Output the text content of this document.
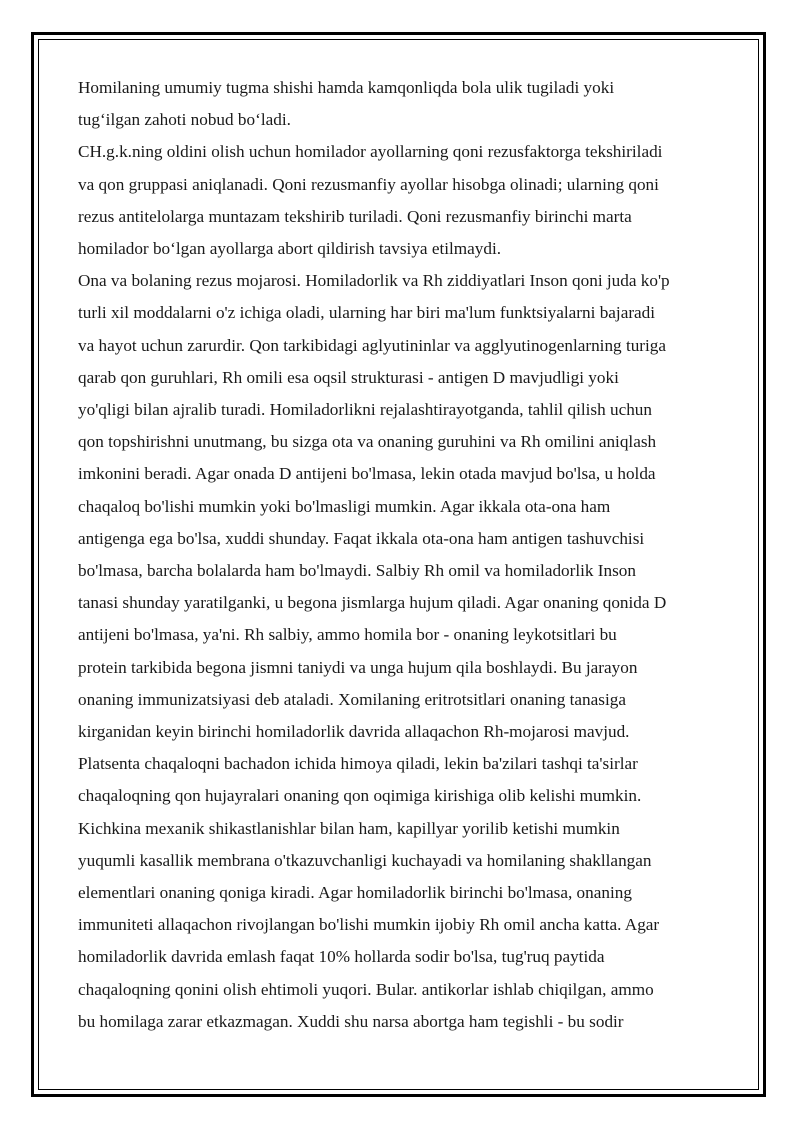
Homilaning umumiy tugma shishi hamda kamqonliqda bola ulik tugiladi yoki
tug‘ilgan zahoti nobud bo‘ladi.
CH.g.k.ning oldini olish uchun homilador ayollarning qoni rezusfaktorga tekshiriladi
va qon gruppasi aniqlanadi. Qoni rezusmanfiy ayollar hisobga olinadi; ularning qoni
rezus antitelolarga muntazam tekshirib turiladi. Qoni rezusmanfiy birinchi marta
homilador bo‘lgan ayollarga abort qildirish tavsiya etilmaydi.
Ona va bolaning rezus mojarosi. Homiladorlik va Rh ziddiyatlari Inson qoni juda ko'p
turli xil moddalarni o'z ichiga oladi, ularning har biri ma'lum funktsiyalarni bajaradi
va hayot uchun zarurdir. Qon tarkibidagi aglyutininlar va agglyutinogenlarning turiga
qarab qon guruhlari, Rh omili esa oqsil strukturasi - antigen D mavjudligi yoki
yo'qligi bilan ajralib turadi. Homiladorlikni rejalashtirayotganda, tahlil qilish uchun
qon topshirishni unutmang, bu sizga ota va onaning guruhini va Rh omilini aniqlash
imkonini beradi. Agar onada D antijeni bo'lmasa, lekin otada mavjud bo'lsa, u holda
chaqaloq bo'lishi mumkin yoki bo'lmasligi mumkin. Agar ikkala ota-ona ham
antigenga ega bo'lsa, xuddi shunday. Faqat ikkala ota-ona ham antigen tashuvchisi
bo'lmasa, barcha bolalarda ham bo'lmaydi. Salbiy Rh omil va homiladorlik Inson
tanasi shunday yaratilganki, u begona jismlarga hujum qiladi. Agar onaning qonida D
antijeni bo'lmasa, ya'ni. Rh salbiy, ammo homila bor - onaning leykotsitlari bu
protein tarkibida begona jismni taniydi va unga hujum qila boshlaydi. Bu jarayon
onaning immunizatsiyasi deb ataladi. Xomilaning eritrotsitlari onaning tanasiga
kirganidan keyin birinchi homiladorlik davrida allaqachon Rh-mojarosi mavjud.
Platsenta chaqaloqni bachadon ichida himoya qiladi, lekin ba'zilari tashqi ta'sirlar
chaqaloqning qon hujayralari onaning qon oqimiga kirishiga olib kelishi mumkin.
Kichkina mexanik shikastlanishlar bilan ham, kapillyar yorilib ketishi mumkin
yuqumli kasallik membrana o'tkazuvchanligi kuchayadi va homilaning shakllangan
elementlari onaning qoniga kiradi. Agar homiladorlik birinchi bo'lmasa, onaning
immuniteti allaqachon rivojlangan bo'lishi mumkin ijobiy Rh omil ancha katta. Agar
homiladorlik davrida emlash faqat 10% hollarda sodir bo'lsa, tug'ruq paytida
chaqaloqning qonini olish ehtimoli yuqori. Bular. antikorlar ishlab chiqilgan, ammo
bu homilaga zarar etkazmagan. Xuddi shu narsa abortga ham tegishli - bu sodir
